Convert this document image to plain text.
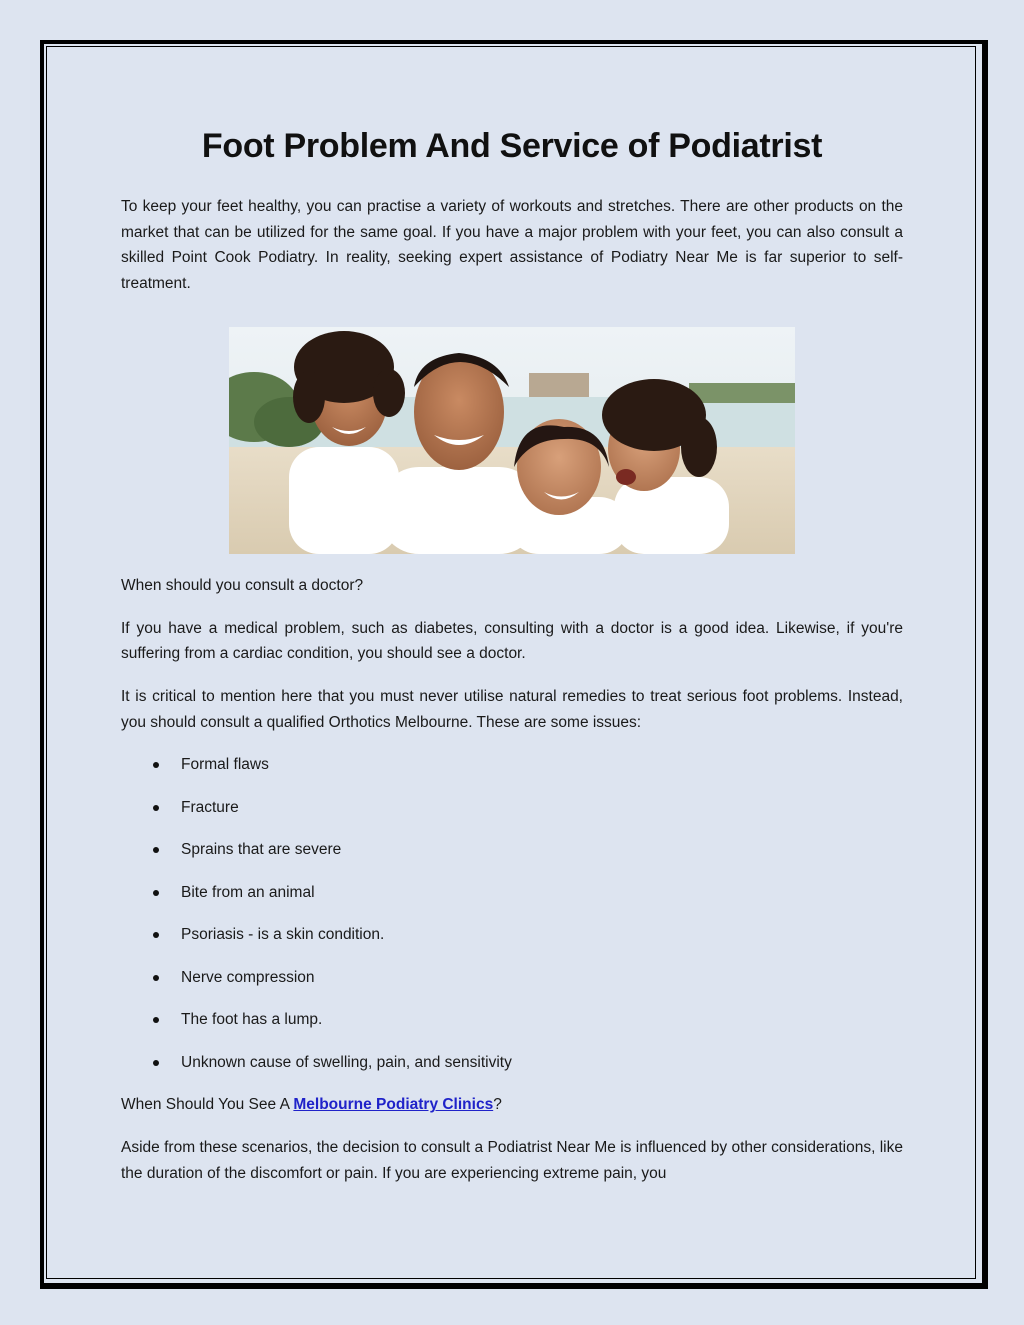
Foot Problem And Service of Podiatrist

To keep your feet healthy, you can practise a variety of workouts and stretches. There are other products on the market that can be utilized for the same goal. If you have a major problem with your feet, you can also consult a skilled Point Cook Podiatry. In reality, seeking expert assistance of Podiatry Near Me is far superior to self-treatment.

When should you consult a doctor?

If you have a medical problem, such as diabetes, consulting with a doctor is a good idea. Likewise, if you're suffering from a cardiac condition, you should see a doctor.

It is critical to mention here that you must never utilise natural remedies to treat serious foot problems. Instead, you should consult a qualified Orthotics Melbourne. These are some issues:

Formal flaws
Fracture
Sprains that are severe
Bite from an animal
Psoriasis - is a skin condition.
Nerve compression
The foot has a lump.
Unknown cause of swelling, pain, and sensitivity

When Should You See A Melbourne Podiatry Clinics?

Aside from these scenarios, the decision to consult a Podiatrist Near Me is influenced by other considerations, like the duration of the discomfort or pain. If you are experiencing extreme pain, you
